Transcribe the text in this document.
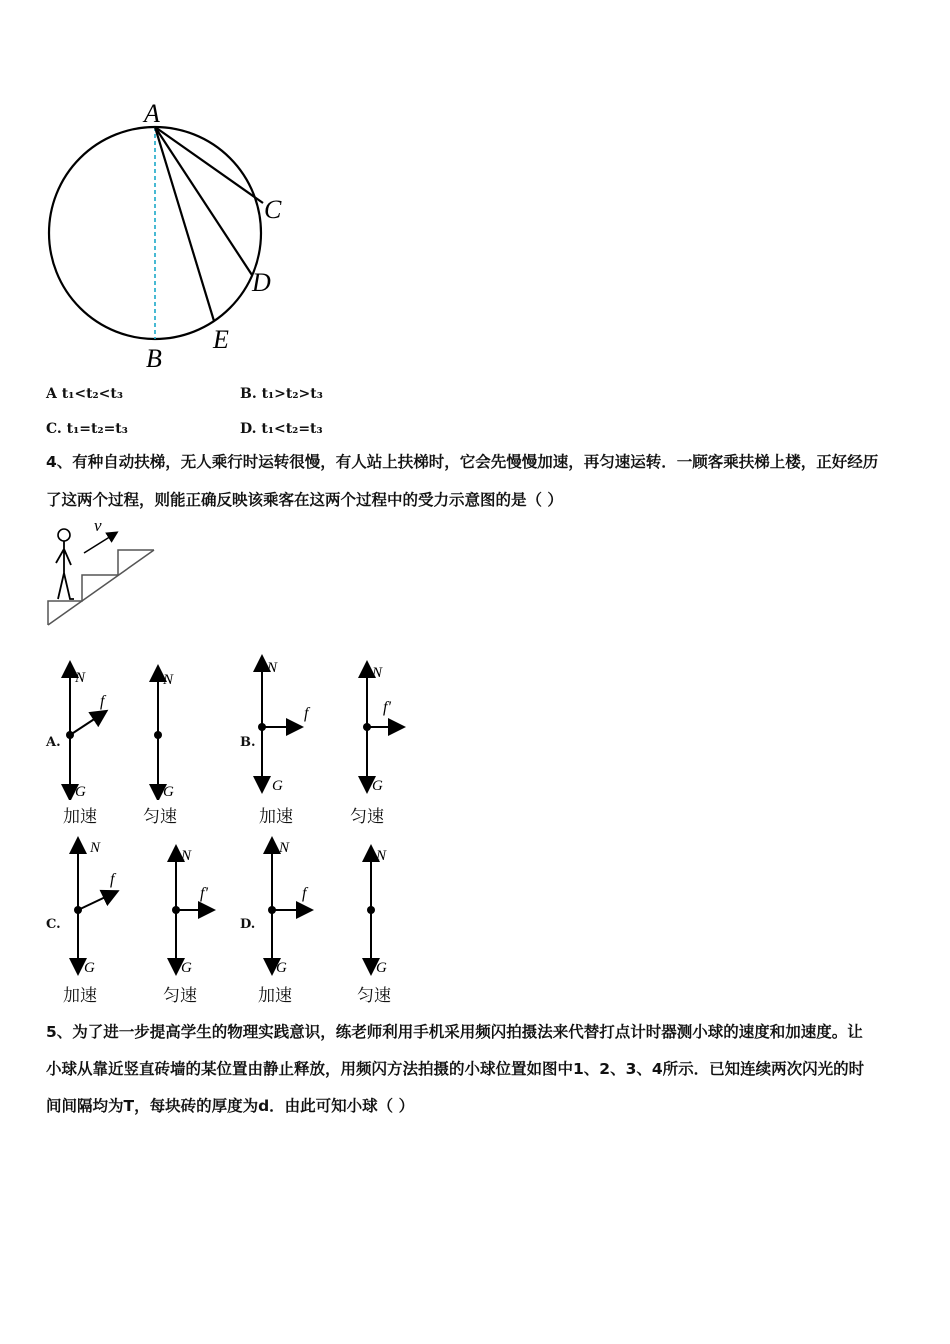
A
B
C
D
E
A t₁<t₂<t₃	B. t₁>t₂>t₃
C. t₁=t₂=t₃	D. t₁<t₂=t₃
4、有种自动扶梯，无人乘行时运转很慢，有人站上扶梯时，它会先慢慢加速，再匀速运转．一顾客乘扶梯上楼，正好经历
了这两个过程，则能正确反映该乘客在这两个过程中的受力示意图的是（ ）
v
A.	B.
C.	D.
N
f
G
N
G
N
f
G
N
f'
G
加速	匀速	加速	匀速
N
f
G
N
f'
G
N
f
G
N
G
加速	匀速	加速	匀速
5、为了进一步提高学生的物理实践意识，练老师利用手机采用频闪拍摄法来代替打点计时器测小球的速度和加速度。让
小球从靠近竖直砖墙的某位置由静止释放，用频闪方法拍摄的小球位置如图中1、2、3、4所示．已知连续两次闪光的时
间间隔均为T，每块砖的厚度为d．由此可知小球（ ）
